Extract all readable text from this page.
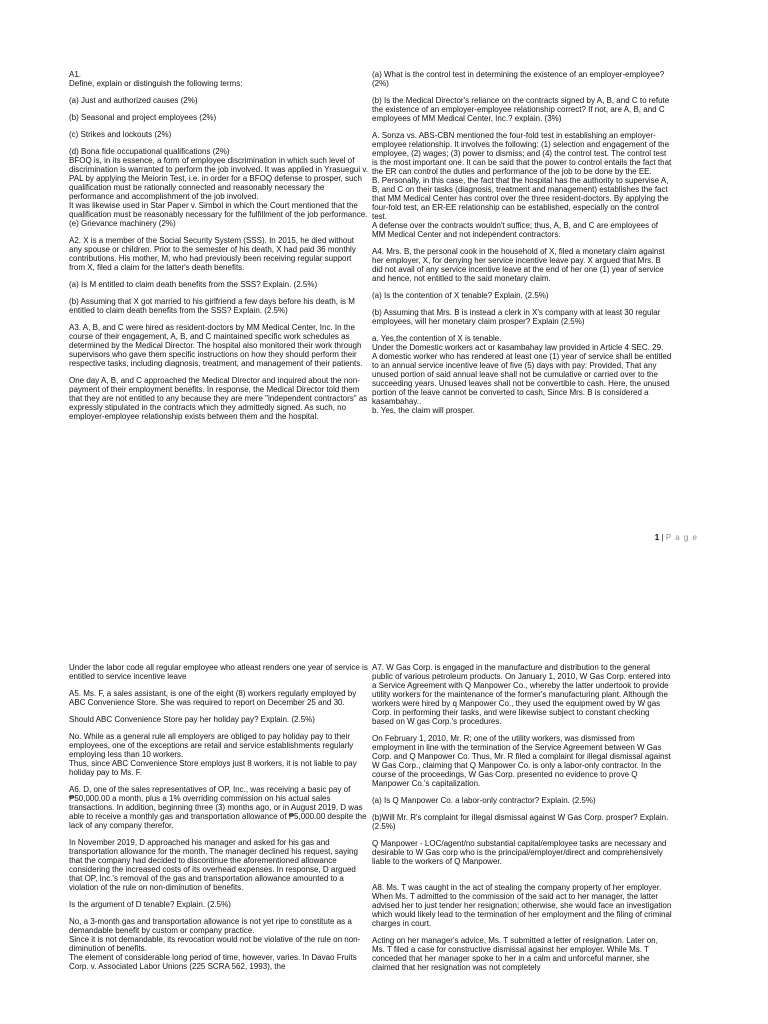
A1.
Define, explain or distinguish the following terms:

(a) Just and authorized causes (2%)

(b) Seasonal and project employees (2%)

(c) Strikes and lockouts (2%)

(d) Bona fide occupational qualifications (2%)
BFOQ is, in its essence, a form of employee discrimination in which such level of discrimination is warranted to perform the job involved. It was applied in Yrasuegui v. PAL by applying the Meiorin Test, i.e. in order for a BFOQ defense to prosper, such qualification must be rationally connected and reasonably necessary the performance and accomplishment of the job involved.
It was likewise used in Star Paper v. Simbol in which the Court mentioned that the qualification must be reasonably necessary for the fulfillment of the job performance.
(e) Grievance machinery (2%)

A2. X is a member of the Social Security System (SSS). In 2015, he died without any spouse or children. Prior to the semester of his death, X had paid 36 monthly contributions. His mother, M, who had previously been receiving regular support from X, filed a claim for the latter's death benefits.

(a) Is M entitled to claim death benefits from the SSS? Explain. (2.5%)

(b) Assuming that X got married to his girlfriend a few days before his death, is M entitled to claim death benefits from the SSS? Explain. (2.5%)

A3. A, B, and C were hired as resident-doctors by MM Medical Center, Inc. In the course of their engagement, A, B, and C maintained specific work schedules as determined by the Medical Director. The hospital also monitored their work through supervisors who gave them specific instructions on how they should perform their respective tasks, including diagnosis, treatment, and management of their patients.

One day A, B, and C approached the Medical Director and inquired about the non-payment of their employment benefits. In response, the Medical Director told them that they are not entitled to any because they are mere "independent contractors" as expressly stipulated in the contracts which they admittedly signed. As such, no employer-employee relationship exists between them and the hospital.

(a) What is the control test in determining the existence of an employer-employee? (2%)

(b) Is the Medical Director's reliance on the contracts signed by A, B, and C to refute the existence of an employer-employee relationship correct? If not, are A, B, and C employees of MM Medical Center, Inc.? explain. (3%)

A. Sonza vs. ABS-CBN mentioned the four-fold test in establishing an employer-employee relationship. It involves the following: (1) selection and engagement of the employee, (2) wages; (3) power to dismiss; and (4) the control test. The control test is the most important one. It can be said that the power to control entails the fact that the ER can control the duties and performance of the job to be done by the EE.
B. Personally, in this case, the fact that the hospital has the authority to supervise A, B, and C on their tasks (diagnosis, treatment and management) establishes the fact that MM Medical Center has control over the three resident-doctors. By applying the four-fold test, an ER-EE relationship can be established, especially on the control test.
A defense over the contracts wouldn't suffice; thus, A, B, and C are employees of MM Medical Center and not independent contractors.

A4. Mrs. B, the personal cook in the household of X, filed a monetary claim against her employer, X, for denying her service incentive leave pay. X argued that Mrs. B did not avail of any service incentive leave at the end of her one (1) year of service and hence, not entitled to the said monetary claim.

(a) Is the contention of X tenable? Explain. (2.5%)

(b) Assuming that Mrs. B is instead a clerk in X's company with at least 30 regular employees, will her monetary claim prosper? Explain (2.5%)

a. Yes,the contention of X is tenable.
Under the Domestic workers act or kasambahay law provided in Article 4 SEC. 29.
A domestic worker who has rendered at least one (1) year of service shall be entitled to an annual service incentive leave of five (5) days with pay: Provided, That any unused portion of said annual leave shall not be cumulative or carried over to the succeeding years. Unused leaves shall not be convertible to cash. Here, the unused portion of the leave cannot be converted to cash, Since Mrs. B is considered a kasambahay..
b. Yes, the claim will prosper.

1 | P a g e

Under the labor code all regular employee who atleast renders one year of service is entitled to service incentive leave

A5. Ms. F, a sales assistant, is one of the eight (8) workers regularly employed by ABC Convenience Store. She was required to report on December 25 and 30.

Should ABC Convenience Store pay her holiday pay? Explain. (2.5%)

No. While as a general rule all employers are obliged to pay holiday pay to their employees, one of the exceptions are retail and service establishments regularly employing less than 10 workers.
Thus, since ABC Convenience Store employs just 8 workers, it is not liable to pay holiday pay to Ms. F.

A6. D, one of the sales representatives of OP, Inc., was receiving a basic pay of ₱50,000.00 a month, plus a 1% overriding commission on his actual sales transactions. In addition, beginning three (3) months ago, or in August 2019, D was able to receive a monthly gas and transportation allowance of ₱5,000.00 despite the lack of any company therefor.

In November 2019, D approached his manager and asked for his gas and transportation allowance for the month. The manager declined his request, saying that the company had decided to discontinue the aforementioned allowance considering the increased costs of its overhead expenses. In response, D argued that OP, Inc.'s removal of the gas and transportation allowance amounted to a violation of the rule on non-diminution of benefits.

Is the argument of D tenable? Explain. (2.5%)

No, a 3-month gas and transportation allowance is not yet ripe to constitute as a demandable benefit by custom or company practice.
Since it is not demandable, its revocation would not be violative of the rule on non-diminution of benefits.
The element of considerable long period of time, however, varies. In Davao Fruits Corp. v. Associated Labor Unions (225 SCRA 562, 1993), the

A7. W Gas Corp. is engaged in the manufacture and distribution to the general public of various petroleum products. On January 1, 2010, W Gas Corp. entered into a Service Agreement with Q Manpower Co., whereby the latter undertook to provide utility workers for the maintenance of the former's manufacturing plant. Although the workers were hired by q Manpower Co., they used the equipment owed by W gas Corp. in performing their tasks, and were likewise subject to constant checking based on W gas Corp.'s procedures.

On February 1, 2010, Mr. R; one of the utility workers, was dismissed from employment in line with the termination of the Service Agreement between W Gas Corp. and Q Manpower Co. Thus, Mr. R filed a complaint for illegal dismissal against W Gas Corp., claiming that Q Manpower Co. is only a labor-only contractor. In the course of the proceedings, W Gas Corp. presented no evidence to prove Q Manpower Co.'s capitalization.

(a) Is Q Manpower Co. a labor-only contractor? Explain. (2.5%)

(b)Will Mr. R's complaint for illegal dismissal against W Gas Corp. prosper? Explain. (2.5%)

Q Manpower - LOC/agent/no substantial capital/employee tasks are necessary and desirable to W Gas corp who is the principal/employer/direct and comprehensively liable to the workers of Q Manpower.

A8. Ms. T was caught in the act of stealing the company property of her employer. When Ms. T admitted to the commission of the said act to her manager, the latter advised her to just tender her resignation; otherwise, she would face an investigation which would likely lead to the termination of her employment and the filing of criminal charges in court.

Acting on her manager's advice, Ms. T submitted a letter of resignation. Later on, Ms. T filed a case for constructive dismissal against her employer. While Ms. T conceded that her manager spoke to her in a calm and unforceful manner, she claimed that her resignation was not completely
